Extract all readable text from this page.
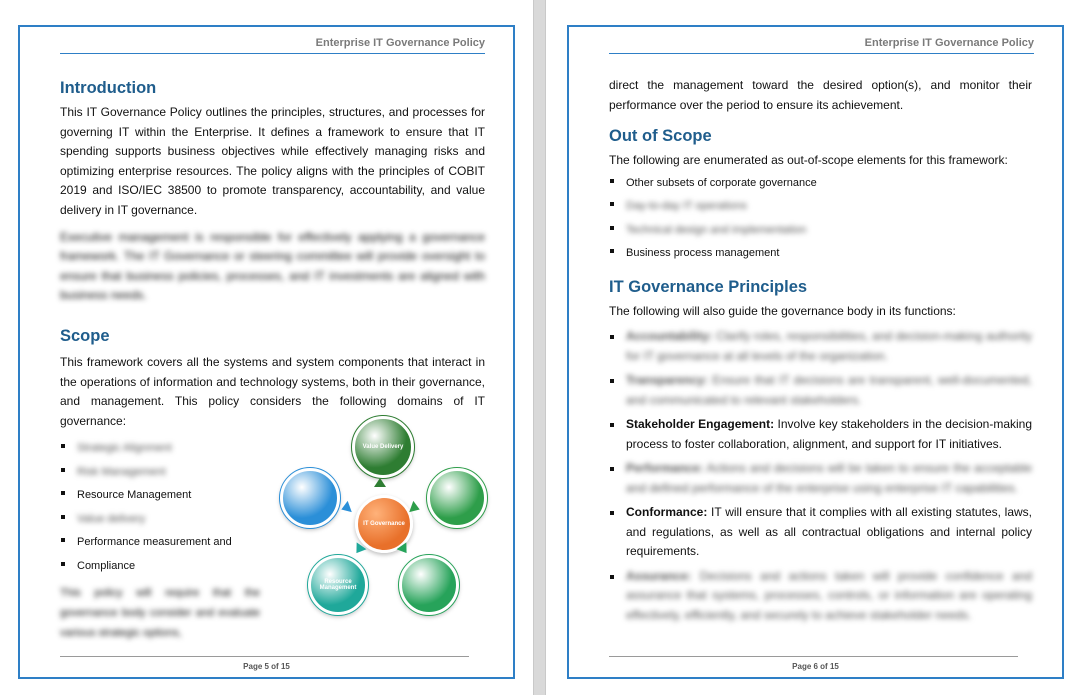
Enterprise IT Governance Policy
Page 5 of 15
Introduction

This IT Governance Policy outlines the principles, structures, and processes for governing IT within the Enterprise. It defines a framework to ensure that IT spending supports business objectives while effectively managing risks and optimizing enterprise resources. The policy aligns with the principles of COBIT 2019 and ISO/IEC 38500 to promote transparency, accountability, and value delivery in IT governance.

Executive management is responsible for effectively applying a governance framework. The IT Governance or steering committee will provide oversight to ensure that business policies, processes, and IT investments are aligned with business needs.

Scope

This framework covers all the systems and system components that interact in the operations of information and technology systems, both in their governance, and management. This policy considers the following domains of IT governance:

Strategic Alignment
Risk Management
Resource Management
Value delivery
Performance measurement and
Compliance

This policy will require that the governance body consider and evaluate various strategic options,

Value Delivery
Resource Management
IT Governance
Enterprise IT Governance Policy
Page 6 of 15

direct the management toward the desired option(s), and monitor their performance over the period to ensure its achievement.

Out of Scope

The following are enumerated as out-of-scope elements for this framework:

Other subsets of corporate governance
Day-to-day IT operations
Technical design and implementation
Business process management
IT Governance Principles

The following will also guide the governance body in its functions:

Accountability: Clarify roles, responsibilities, and decision-making authority for IT governance at all levels of the organization.
Transparency: Ensure that IT decisions are transparent, well-documented, and communicated to relevant stakeholders.
Stakeholder Engagement: Involve key stakeholders in the decision-making process to foster collaboration, alignment, and support for IT initiatives.
Performance: Actions and decisions will be taken to ensure the acceptable and defined performance of the enterprise using enterprise IT capabilities.
Conformance: IT will ensure that it complies with all existing statutes, laws, and regulations, as well as all contractual obligations and internal policy requirements.
Assurance: Decisions and actions taken will provide confidence and assurance that systems, processes, controls, or information are operating effectively, efficiently, and securely to achieve stakeholder needs.
